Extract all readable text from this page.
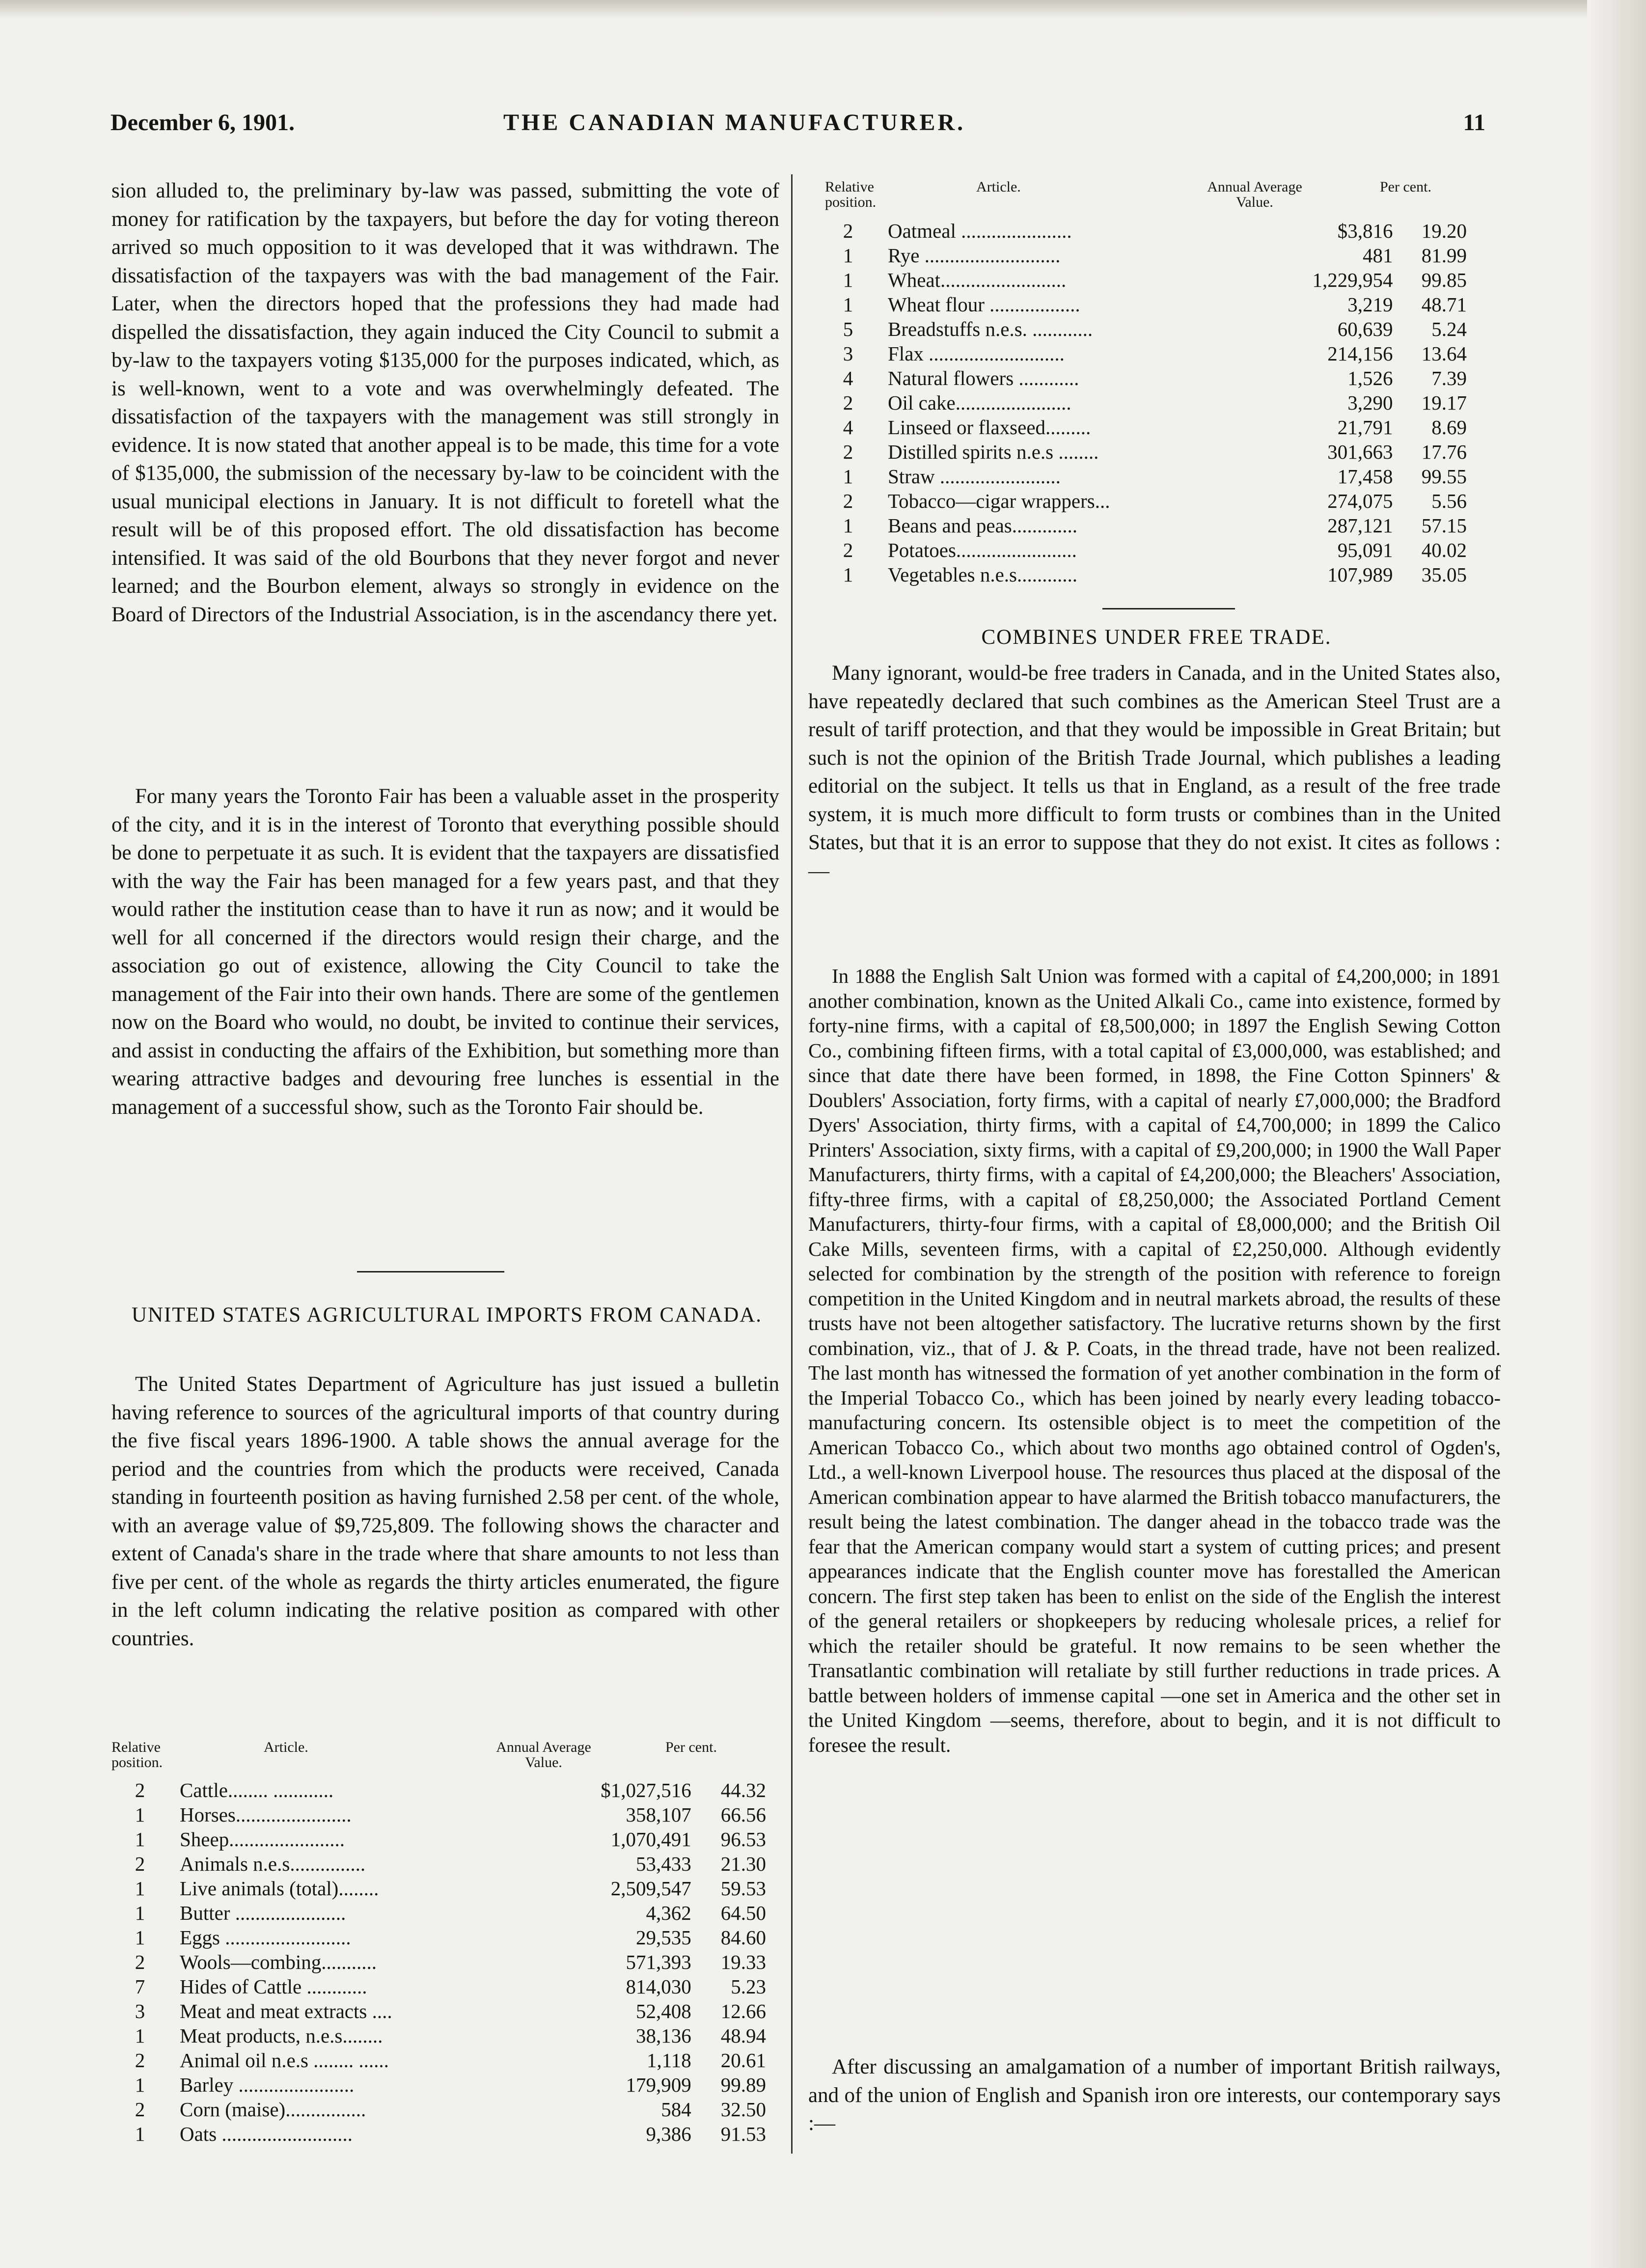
December 6, 1901.	THE CANADIAN MANUFACTURER.	11

sion alluded to, the preliminary by-law was passed, submitting the vote of money for ratification by the taxpayers, but before the day for voting thereon arrived so much opposition to it was developed that it was withdrawn. The dissatisfaction of the taxpayers was with the bad management of the Fair. Later, when the directors hoped that the professions they had made had dispelled the dissatisfaction, they again induced the City Council to submit a by-law to the taxpayers voting $135,000 for the purposes indicated, which, as is well-known, went to a vote and was overwhelmingly defeated. The dissatisfaction of the taxpayers with the management was still strongly in evidence. It is now stated that another appeal is to be made, this time for a vote of $135,000, the submission of the necessary by-law to be coincident with the usual municipal elections in January. It is not difficult to foretell what the result will be of this proposed effort. The old dissatisfaction has become intensified. It was said of the old Bourbons that they never forgot and never learned; and the Bourbon element, always so strongly in evidence on the Board of Directors of the Industrial Association, is in the ascendancy there yet.

For many years the Toronto Fair has been a valuable asset in the prosperity of the city, and it is in the interest of Toronto that everything possible should be done to perpetuate it as such. It is evident that the taxpayers are dissatisfied with the way the Fair has been managed for a few years past, and that they would rather the institution cease than to have it run as now; and it would be well for all concerned if the directors would resign their charge, and the association go out of existence, allowing the City Council to take the management of the Fair into their own hands. There are some of the gentlemen now on the Board who would, no doubt, be invited to continue their services, and assist in conducting the affairs of the Exhibition, but something more than wearing attractive badges and devouring free lunches is essential in the management of a successful show, such as the Toronto Fair should be.

UNITED STATES AGRICULTURAL IMPORTS FROM CANADA.

The United States Department of Agriculture has just issued a bulletin having reference to sources of the agricultural imports of that country during the five fiscal years 1896-1900. A table shows the annual average for the period and the countries from which the products were received, Canada standing in fourteenth position as having furnished 2.58 per cent. of the whole, with an average value of $9,725,809. The following shows the character and extent of Canada's share in the trade where that share amounts to not less than five per cent. of the whole as regards the thirty articles enumerated, the figure in the left column indicating the relative position as compared with other countries.

Relative position.
Article.	Annual Average Value.
Per cent.
2	Cattle........ ............	$1,027,516	44.32
1	Horses.......................	358,107	66.56
1	Sheep.......................	1,070,491	96.53
2	Animals n.e.s...............	53,433	21.30
1	Live animals (total)........	2,509,547	59.53
1	Butter ......................	4,362	64.50
1	Eggs .........................	29,535	84.60
2	Wools—combing...........	571,393	19.33
7	Hides of Cattle ............	814,030	5.23
3	Meat and meat extracts ....	52,408	12.66
1	Meat products, n.e.s........	38,136	48.94
2	Animal oil n.e.s ........ ......	1,118	20.61
1	Barley .......................	179,909	99.89
2	Corn (maise)................	584	32.50
1	Oats ..........................	9,386	91.53
Relative position.
Article.	Annual Average Value.
Per cent.
2	Oatmeal ......................	$3,816	19.20
1	Rye ...........................	481	81.99
1	Wheat.........................	1,229,954	99.85
1	Wheat flour ..................	3,219	48.71
5	Breadstuffs n.e.s. ............	60,639	5.24
3	Flax ...........................	214,156	13.64
4	Natural flowers ............	1,526	7.39
2	Oil cake.......................	3,290	19.17
4	Linseed or flaxseed.........	21,791	8.69
2	Distilled spirits n.e.s ........	301,663	17.76
1	Straw ........................	17,458	99.55
2	Tobacco—cigar wrappers...	274,075	5.56
1	Beans and peas.............	287,121	57.15
2	Potatoes........................	95,091	40.02
1	Vegetables n.e.s............	107,989	35.05

COMBINES UNDER FREE TRADE.

Many ignorant, would-be free traders in Canada, and in the United States also, have repeatedly declared that such combines as the American Steel Trust are a result of tariff protection, and that they would be impossible in Great Britain; but such is not the opinion of the British Trade Journal, which publishes a leading editorial on the subject. It tells us that in England, as a result of the free trade system, it is much more difficult to form trusts or combines than in the United States, but that it is an error to suppose that they do not exist. It cites as follows :—

In 1888 the English Salt Union was formed with a capital of £4,200,000; in 1891 another combination, known as the United Alkali Co., came into existence, formed by forty-nine firms, with a capital of £8,500,000; in 1897 the English Sewing Cotton Co., combining fifteen firms, with a total capital of £3,000,000, was established; and since that date there have been formed, in 1898, the Fine Cotton Spinners' & Doublers' Association, forty firms, with a capital of nearly £7,000,000; the Bradford Dyers' Association, thirty firms, with a capital of £4,700,000; in 1899 the Calico Printers' Association, sixty firms, with a capital of £9,200,000; in 1900 the Wall Paper Manufacturers, thirty firms, with a capital of £4,200,000; the Bleachers' Association, fifty-three firms, with a capital of £8,250,000; the Associated Portland Cement Manufacturers, thirty-four firms, with a capital of £8,000,000; and the British Oil Cake Mills, seventeen firms, with a capital of £2,250,000. Although evidently selected for combination by the strength of the position with reference to foreign competition in the United Kingdom and in neutral markets abroad, the results of these trusts have not been altogether satisfactory. The lucrative returns shown by the first combination, viz., that of J. & P. Coats, in the thread trade, have not been realized. The last month has witnessed the formation of yet another combination in the form of the Imperial Tobacco Co., which has been joined by nearly every leading tobacco-manufacturing concern. Its ostensible object is to meet the competition of the American Tobacco Co., which about two months ago obtained control of Ogden's, Ltd., a well-known Liverpool house. The resources thus placed at the disposal of the American combination appear to have alarmed the British tobacco manufacturers, the result being the latest combination. The danger ahead in the tobacco trade was the fear that the American company would start a system of cutting prices; and present appearances indicate that the English counter move has forestalled the American concern. The first step taken has been to enlist on the side of the English the interest of the general retailers or shopkeepers by reducing wholesale prices, a relief for which the retailer should be grateful. It now remains to be seen whether the Transatlantic combination will retaliate by still further reductions in trade prices. A battle between holders of immense capital —one set in America and the other set in the United Kingdom —seems, therefore, about to begin, and it is not difficult to foresee the result.

After discussing an amalgamation of a number of important British railways, and of the union of English and Spanish iron ore interests, our contemporary says :—
